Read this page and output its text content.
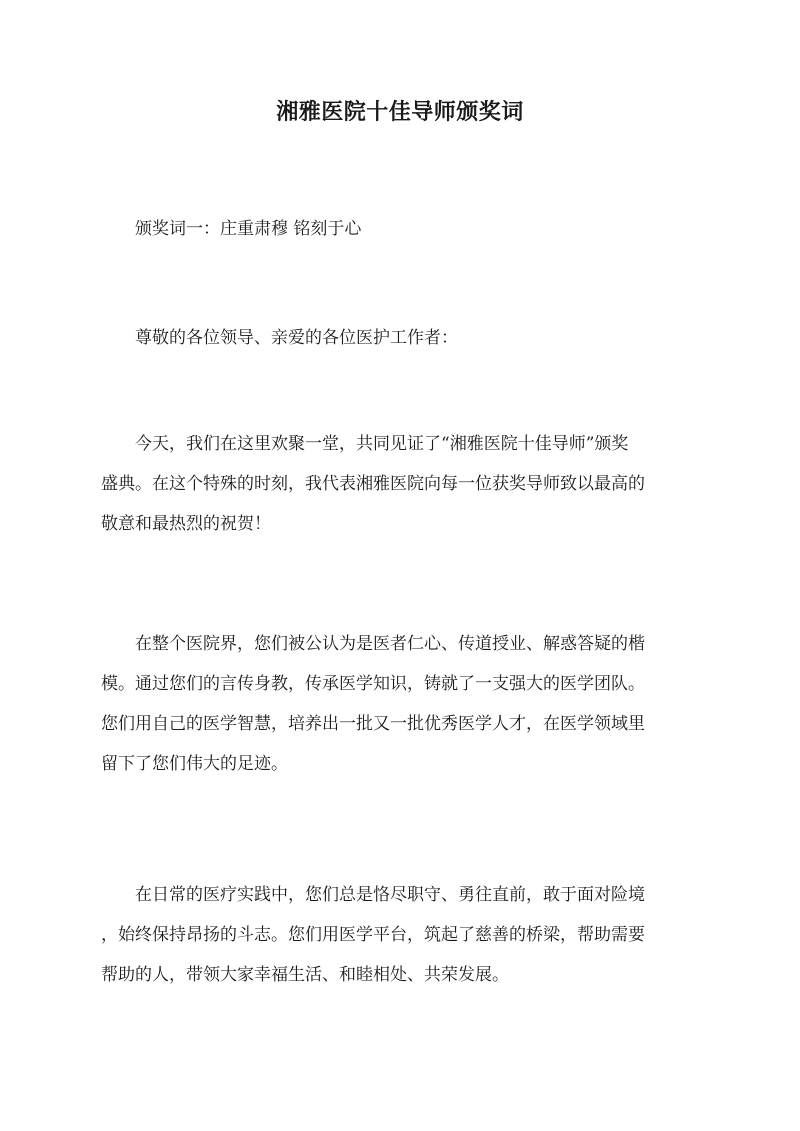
湘雅医院十佳导师颁奖词
颁奖词一：庄重肃穆 铭刻于心
尊敬的各位领导、亲爱的各位医护工作者：
今天，我们在这里欢聚一堂，共同见证了“湘雅医院十佳导师”颁奖
盛典。在这个特殊的时刻，我代表湘雅医院向每一位获奖导师致以最高的
敬意和最热烈的祝贺！
在整个医院界，您们被公认为是医者仁心、传道授业、解惑答疑的楷
模。通过您们的言传身教，传承医学知识，铸就了一支强大的医学团队。
您们用自己的医学智慧，培养出一批又一批优秀医学人才，在医学领域里
留下了您们伟大的足迹。
在日常的医疗实践中，您们总是恪尽职守、勇往直前，敢于面对险境
，始终保持昂扬的斗志。您们用医学平台，筑起了慈善的桥梁，帮助需要
帮助的人，带领大家幸福生活、和睦相处、共荣发展。
